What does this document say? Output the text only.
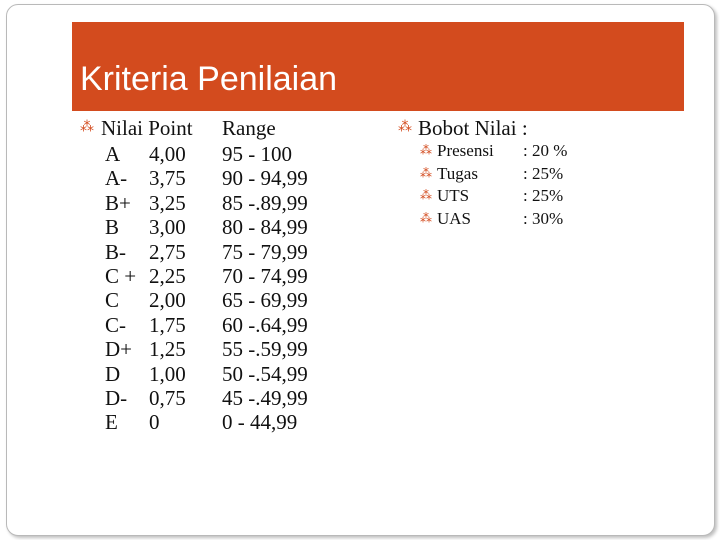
Kriteria Penilaian
⁂ Nilai Point Range
A 4,00 95 - 100
A- 3,75 90 - 94,99
B+ 3,25 85 -.89,99
B 3,00 80 - 84,99
B- 2,75 75 - 79,99
C + 2,25 70 - 74,99
C 2,00 65 - 69,99
C- 1,75 60 -.64,99
D+ 1,25 55 -.59,99
D 1,00 50 -.54,99
D- 0,75 45 -.49,99
E 0	0 - 44,99
⁂ Bobot Nilai :
⁂ Presensi : 20 %
⁂ Tugas	: 25%
⁂ UTS	: 25%
⁂ UAS	: 30%
